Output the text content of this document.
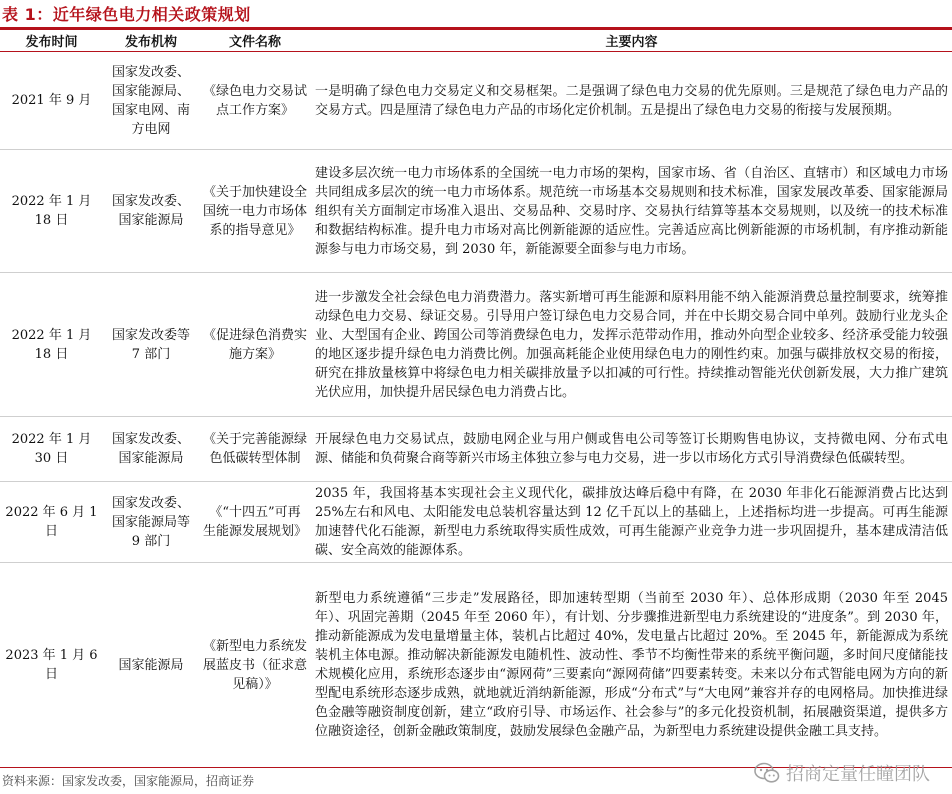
表 1：近年绿色电力相关政策规划
发布时间	发布机构	文件名称	主要内容
2021 年 9 月	国家发改委、国家能源局、国家电网、南方电网	《绿色电力交易试点工作方案》	一是明确了绿色电力交易定义和交易框架。二是强调了绿色电力交易的优先原则。三是规范了绿色电力产品的交易方式。四是厘清了绿色电力产品的市场化定价机制。五是提出了绿色电力交易的衔接与发展预期。
2022 年 1 月 18 日	国家发改委、国家能源局	《关于加快建设全国统一电力市场体系的指导意见》	建设多层次统一电力市场体系的全国统一电力市场的架构，国家市场、省（自治区、直辖市）和区域电力市场共同组成多层次的统一电力市场体系。规范统一市场基本交易规则和技术标准，国家发展改革委、国家能源局组织有关方面制定市场准入退出、交易品种、交易时序、交易执行结算等基本交易规则，以及统一的技术标准和数据结构标准。提升电力市场对高比例新能源的适应性。完善适应高比例新能源的市场机制，有序推动新能源参与电力市场交易，到 2030 年，新能源要全面参与电力市场。
2022 年 1 月 18 日	国家发改委等 7 部门	《促进绿色消费实施方案》	进一步激发全社会绿色电力消费潜力。落实新增可再生能源和原料用能不纳入能源消费总量控制要求，统筹推动绿色电力交易、绿证交易。引导用户签订绿色电力交易合同，并在中长期交易合同中单列。鼓励行业龙头企业、大型国有企业、跨国公司等消费绿色电力，发挥示范带动作用，推动外向型企业较多、经济承受能力较强的地区逐步提升绿色电力消费比例。加强高耗能企业使用绿色电力的刚性约束。加强与碳排放权交易的衔接，研究在排放量核算中将绿色电力相关碳排放量予以扣减的可行性。持续推动智能光伏创新发展，大力推广建筑光伏应用，加快提升居民绿色电力消费占比。
2022 年 1 月 30 日	国家发改委、国家能源局	《关于完善能源绿色低碳转型体制	开展绿色电力交易试点，鼓励电网企业与用户侧或售电公司等签订长期购售电协议，支持微电网、分布式电源、储能和负荷聚合商等新兴市场主体独立参与电力交易，进一步以市场化方式引导消费绿色低碳转型。
2022 年 6 月 1 日	国家发改委、国家能源局等 9 部门	《“十四五”可再生能源发展规划》	2035 年，我国将基本实现社会主义现代化，碳排放达峰后稳中有降，在 2030 年非化石能源消费占比达到 25%左右和风电、太阳能发电总装机容量达到 12 亿千瓦以上的基础上，上述指标均进一步提高。可再生能源加速替代化石能源，新型电力系统取得实质性成效，可再生能源产业竞争力进一步巩固提升，基本建成清洁低碳、安全高效的能源体系。
2023 年 1 月 6 日	国家能源局	《新型电力系统发展蓝皮书（征求意见稿）》	新型电力系统遵循“三步走”发展路径，即加速转型期（当前至 2030 年）、总体形成期（2030 年至 2045 年）、巩固完善期（2045 年至 2060 年），有计划、分步骤推进新型电力系统建设的“进度条”。到 2030 年，推动新能源成为发电量增量主体，装机占比超过 40%，发电量占比超过 20%。至 2045 年，新能源成为系统装机主体电源。推动解决新能源发电随机性、波动性、季节不均衡性带来的系统平衡问题，多时间尺度储能技术规模化应用，系统形态逐步由“源网荷”三要素向“源网荷储”四要素转变。未来以分布式智能电网为方向的新型配电系统形态逐步成熟，就地就近消纳新能源，形成“分布式”与“大电网”兼容并存的电网格局。加快推进绿色金融等融资制度创新，建立“政府引导、市场运作、社会参与”的多元化投资机制，拓展融资渠道，提供多方位融资途径，创新金融政策制度，鼓励发展绿色金融产品，为新型电力系统建设提供金融工具支持。
资料来源：国家发改委，国家能源局，招商证券	招商定量任瞳团队
